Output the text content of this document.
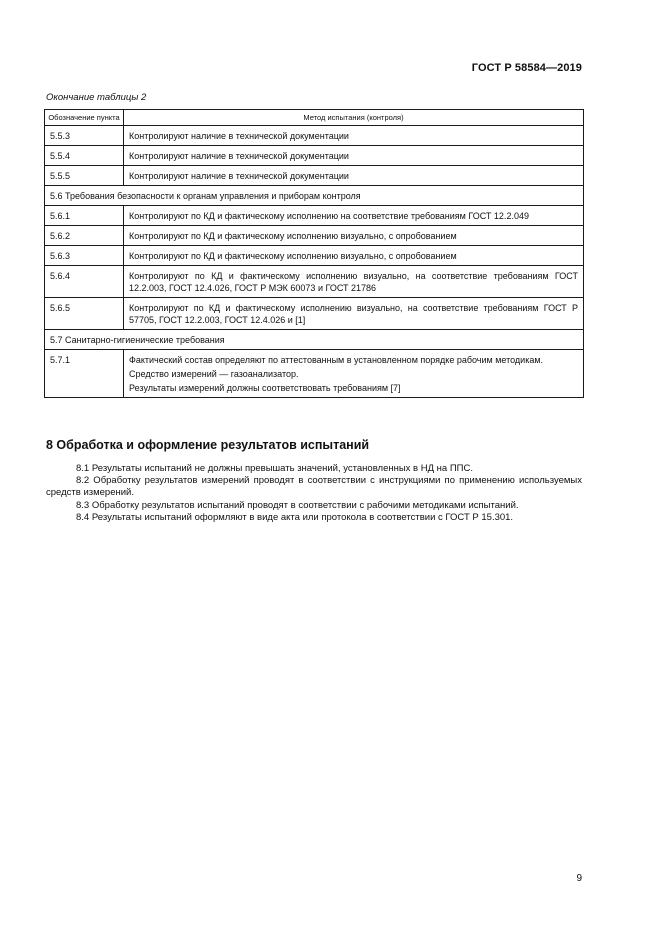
ГОСТ Р 58584—2019
Окончание таблицы 2
Обозначение пункта	Метод испытания (контроля)
5.5.3	Контролируют наличие в технической документации

5.5.4	Контролируют наличие в технической документации

5.5.5	Контролируют наличие в технической документации

5.6 Требования безопасности к органам управления и приборам контроля	
5.6.1	Контролируют по КД и фактическому исполнению на соответствие требованиям ГОСТ 12.2.049

5.6.2	Контролируют по КД и фактическому исполнению визуально, с опробованием

5.6.3	Контролируют по КД и фактическому исполнению визуально, с опробованием

5.6.4	Контролируют по КД и фактическому исполнению визуально, на соответствие требованиям ГОСТ 12.2.003, ГОСТ 12.4.026, ГОСТ Р МЭК 60073 и ГОСТ 21786

5.6.5	Контролируют по КД и фактическому исполнению визуально, на соответствие требованиям ГОСТ Р 57705, ГОСТ 12.2.003, ГОСТ 12.4.026 и [1]

5.7 Санитарно-гигиенические требования	
5.7.1	Фактический состав определяют по аттестованным в установленном порядке рабочим методикам.

Средство измерений — газоанализатор.

Результаты измерений должны соответствовать требованиям [7]

8 Обработка и оформление результатов испытаний

8.1 Результаты испытаний не должны превышать значений, установленных в НД на ППС.

8.2 Обработку результатов измерений проводят в соответствии с инструкциями по применению используемых средств измерений.

8.3 Обработку результатов испытаний проводят в соответствии с рабочими методиками испытаний.

8.4 Результаты испытаний оформляют в виде акта или протокола в соответствии с ГОСТ Р 15.301.

9
